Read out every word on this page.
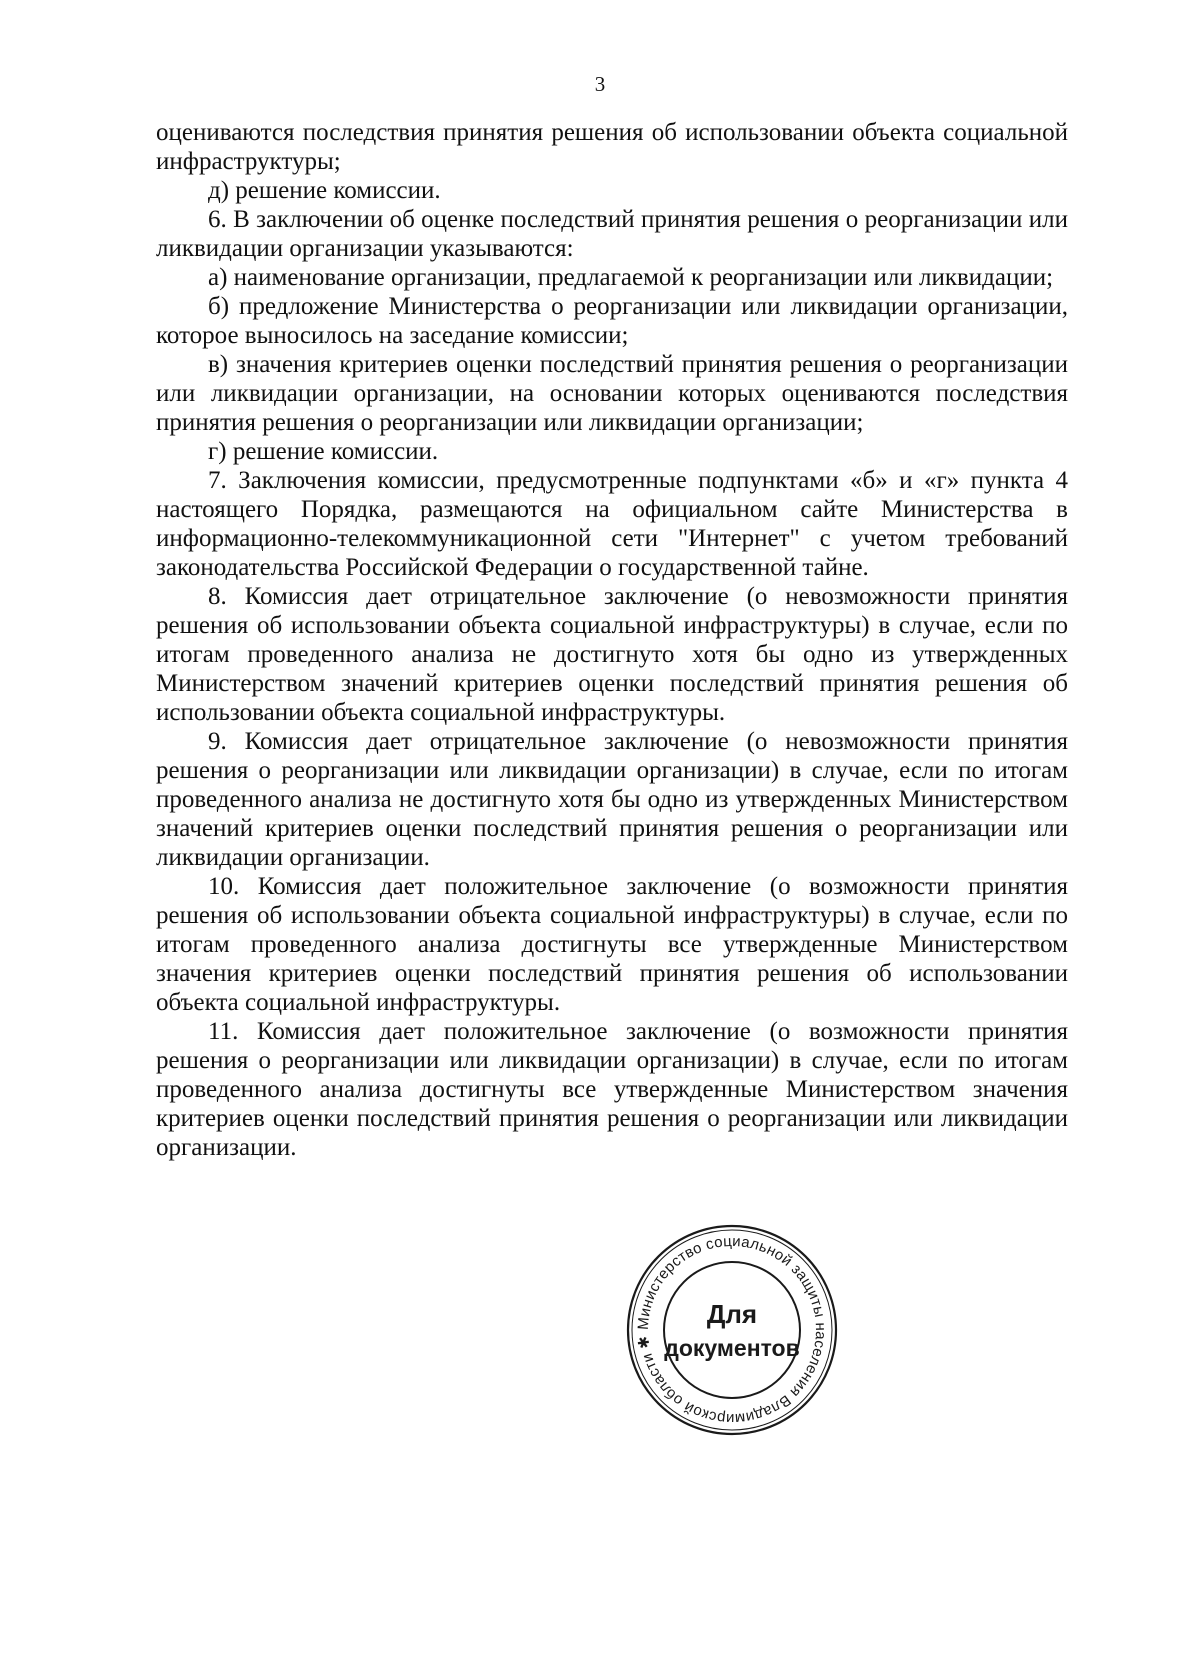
3

оцениваются последствия принятия решения об использовании объекта социальной инфраструктуры;

д) решение комиссии.

6. В заключении об оценке последствий принятия решения о реорганизации или ликвидации организации указываются:

а) наименование организации, предлагаемой к реорганизации или ликвидации;

б) предложение Министерства о реорганизации или ликвидации организации, которое выносилось на заседание комиссии;

в) значения критериев оценки последствий принятия решения о реорганизации или ликвидации организации, на основании которых оцениваются последствия принятия решения о реорганизации или ликвидации организации;

г) решение комиссии.

7. Заключения комиссии, предусмотренные подпунктами «б» и «г» пункта 4 настоящего Порядка, размещаются на официальном сайте Министерства в информационно-телекоммуникационной сети "Интернет" с учетом требований законодательства Российской Федерации о государственной тайне.

8. Комиссия дает отрицательное заключение (о невозможности принятия решения об использовании объекта социальной инфраструктуры) в случае, если по итогам проведенного анализа не достигнуто хотя бы одно из утвержденных Министерством значений критериев оценки последствий принятия решения об использовании объекта социальной инфраструктуры.

9. Комиссия дает отрицательное заключение (о невозможности принятия решения о реорганизации или ликвидации организации) в случае, если по итогам проведенного анализа не достигнуто хотя бы одно из утвержденных Министерством значений критериев оценки последствий принятия решения о реорганизации или ликвидации организации.

10. Комиссия дает положительное заключение (о возможности принятия решения об использовании объекта социальной инфраструктуры) в случае, если по итогам проведенного анализа достигнуты все утвержденные Министерством значения критериев оценки последствий принятия решения об использовании объекта социальной инфраструктуры.

11. Комиссия дает положительное заключение (о возможности принятия решения о реорганизации или ликвидации организации) в случае, если по итогам проведенного анализа достигнуты все утвержденные Министерством значения критериев оценки последствий принятия решения о реорганизации или ликвидации организации.

Министерство социальной защиты населения Владимирской области ✱
Для
документов
